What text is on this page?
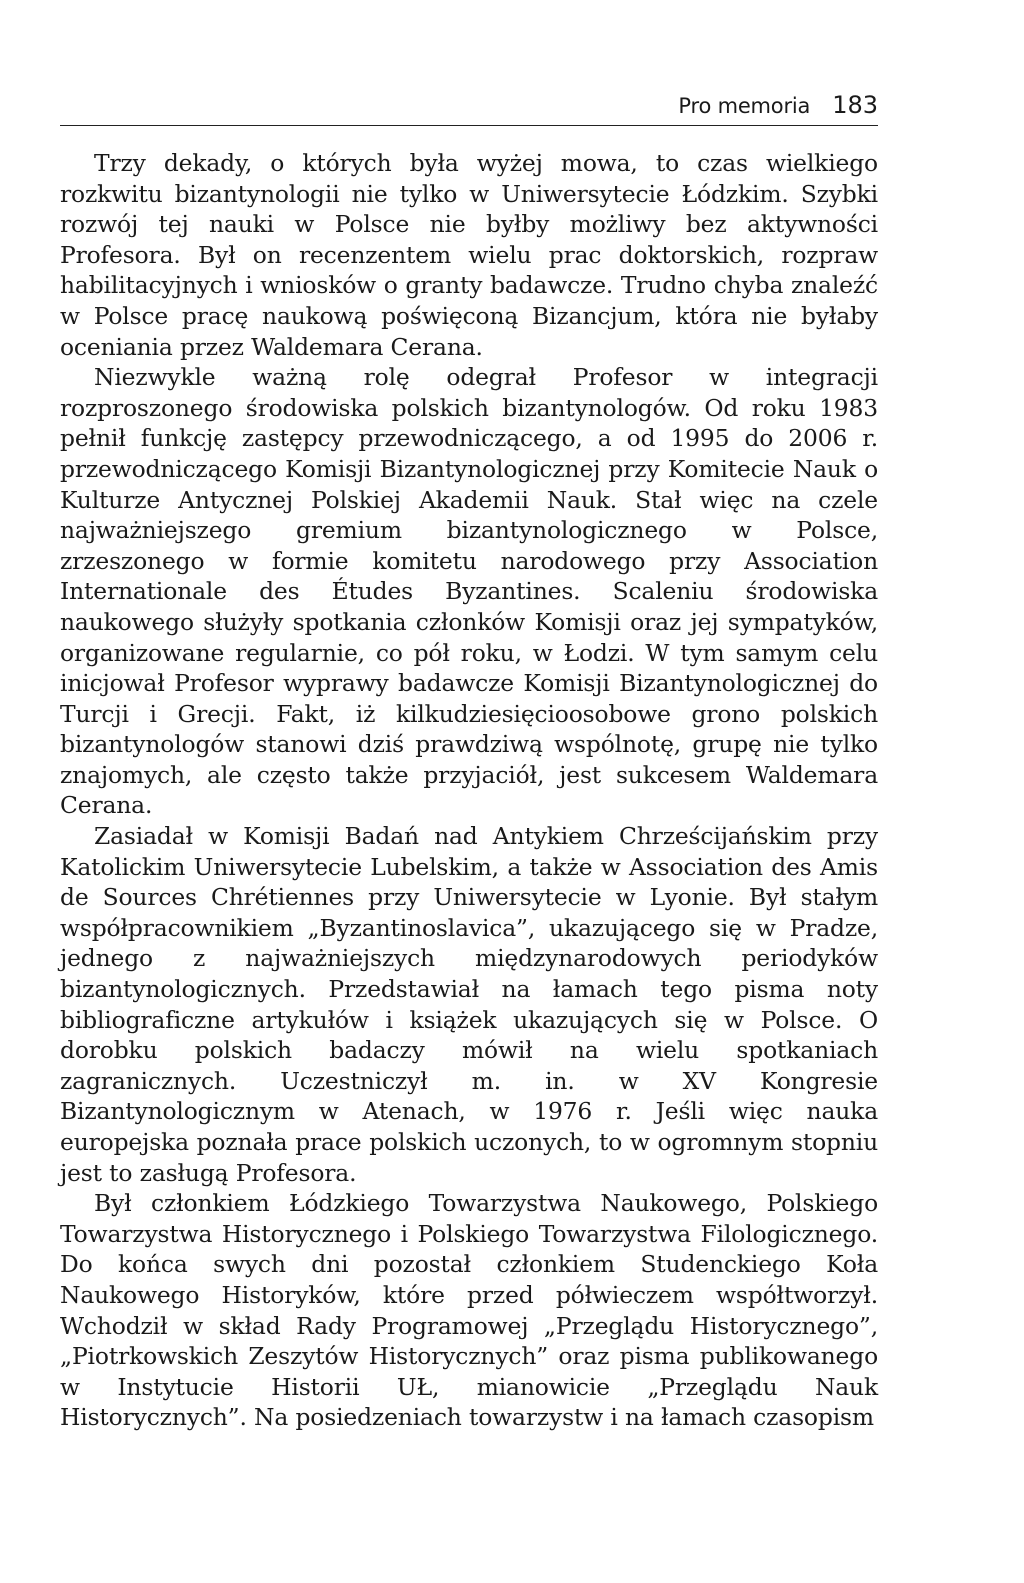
Pro memoria 183

Trzy dekady, o których była wyżej mowa, to czas wielkiego rozkwitu bizantynologii nie tylko w Uniwersytecie Łódzkim. Szybki rozwój tej nauki w Polsce nie byłby możliwy bez aktywności Profesora. Był on recenzentem wielu prac doktorskich, rozpraw habilitacyjnych i wniosków o granty badawcze. Trudno chyba znaleźć w Polsce pracę naukową poświęconą Bizancjum, która nie byłaby oceniania przez Waldemara Cerana.

Niezwykle ważną rolę odegrał Profesor w integracji rozproszonego środowiska polskich bizantynologów. Od roku 1983 pełnił funkcję zastępcy przewodniczącego, a od 1995 do 2006 r. przewodniczącego Komisji Bizantynologicznej przy Komitecie Nauk o Kulturze Antycznej Polskiej Akademii Nauk. Stał więc na czele najważniejszego gremium bizantynologicznego w Polsce, zrzeszonego w formie komitetu narodowego przy Association Internationale des Études Byzantines. Scaleniu środowiska naukowego służyły spotkania członków Komisji oraz jej sympatyków, organizowane regularnie, co pół roku, w Łodzi. W tym samym celu inicjował Profesor wyprawy badawcze Komisji Bizantynologicznej do Turcji i Grecji. Fakt, iż kilkudziesięcioosobowe grono polskich bizantynologów stanowi dziś prawdziwą wspólnotę, grupę nie tylko znajomych, ale często także przyjaciół, jest sukcesem Waldemara Cerana.

Zasiadał w Komisji Badań nad Antykiem Chrześcijańskim przy Katolickim Uniwersytecie Lubelskim, a także w Association des Amis de Sources Chrétiennes przy Uniwersytecie w Lyonie. Był stałym współpracownikiem „Byzantinoslavica”, ukazującego się w Pradze, jednego z najważniejszych międzynarodowych periodyków bizantynologicznych. Przedstawiał na łamach tego pisma noty bibliograficzne artykułów i książek ukazujących się w Polsce. O dorobku polskich badaczy mówił na wielu spotkaniach zagranicznych. Uczestniczył m. in. w XV Kongresie Bizantynologicznym w Atenach, w 1976 r. Jeśli więc nauka europejska poznała prace polskich uczonych, to w ogromnym stopniu jest to zasługą Profesora.

Był członkiem Łódzkiego Towarzystwa Naukowego, Polskiego Towarzystwa Historycznego i Polskiego Towarzystwa Filologicznego. Do końca swych dni pozostał członkiem Studenckiego Koła Naukowego Historyków, które przed półwieczem współtworzył. Wchodził w skład Rady Programowej „Przeglądu Historycznego”, „Piotrkowskich Zeszytów Historycznych” oraz pisma publikowanego w Instytucie Historii UŁ, mianowicie „Przeglądu Nauk Historycznych”. Na posiedzeniach towarzystw i na łamach czasopism
